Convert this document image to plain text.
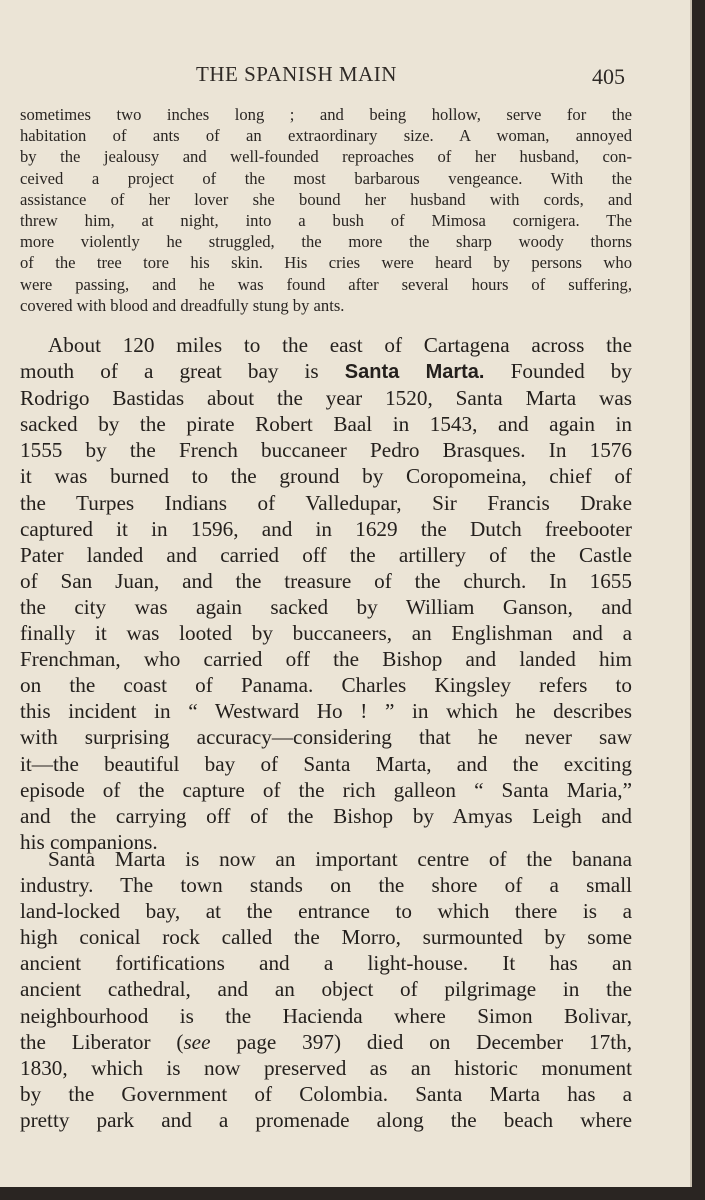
THE SPANISH MAIN	405
sometimes two inches long ; and being hollow, serve for the
habitation of ants of an extraordinary size. A woman, annoyed
by the jealousy and well-founded reproaches of her husband, con-
ceived a project of the most barbarous vengeance. With the
assistance of her lover she bound her husband with cords, and
threw him, at night, into a bush of Mimosa cornigera. The
more violently he struggled, the more the sharp woody thorns
of the tree tore his skin. His cries were heard by persons who
were passing, and he was found after several hours of suffering,
covered with blood and dreadfully stung by ants.
About 120 miles to the east of Cartagena across the
mouth of a great bay is Santa Marta. Founded by
Rodrigo Bastidas about the year 1520, Santa Marta was
sacked by the pirate Robert Baal in 1543, and again in
1555 by the French buccaneer Pedro Brasques. In 1576
it was burned to the ground by Coropomeina, chief of
the Turpes Indians of Valledupar, Sir Francis Drake
captured it in 1596, and in 1629 the Dutch freebooter
Pater landed and carried off the artillery of the Castle
of San Juan, and the treasure of the church. In 1655
the city was again sacked by William Ganson, and
finally it was looted by buccaneers, an Englishman and a
Frenchman, who carried off the Bishop and landed him
on the coast of Panama. Charles Kingsley refers to
this incident in “ Westward Ho ! ” in which he describes
with surprising accuracy—considering that he never saw
it—the beautiful bay of Santa Marta, and the exciting
episode of the capture of the rich galleon “ Santa Maria,”
and the carrying off of the Bishop by Amyas Leigh and
his companions.
Santa Marta is now an important centre of the banana
industry. The town stands on the shore of a small
land-locked bay, at the entrance to which there is a
high conical rock called the Morro, surmounted by some
ancient fortifications and a light-house. It has an
ancient cathedral, and an object of pilgrimage in the
neighbourhood is the Hacienda where Simon Bolivar,
the Liberator (see page 397) died on December 17th,
1830, which is now preserved as an historic monument
by the Government of Colombia. Santa Marta has a
pretty park and a promenade along the beach where
